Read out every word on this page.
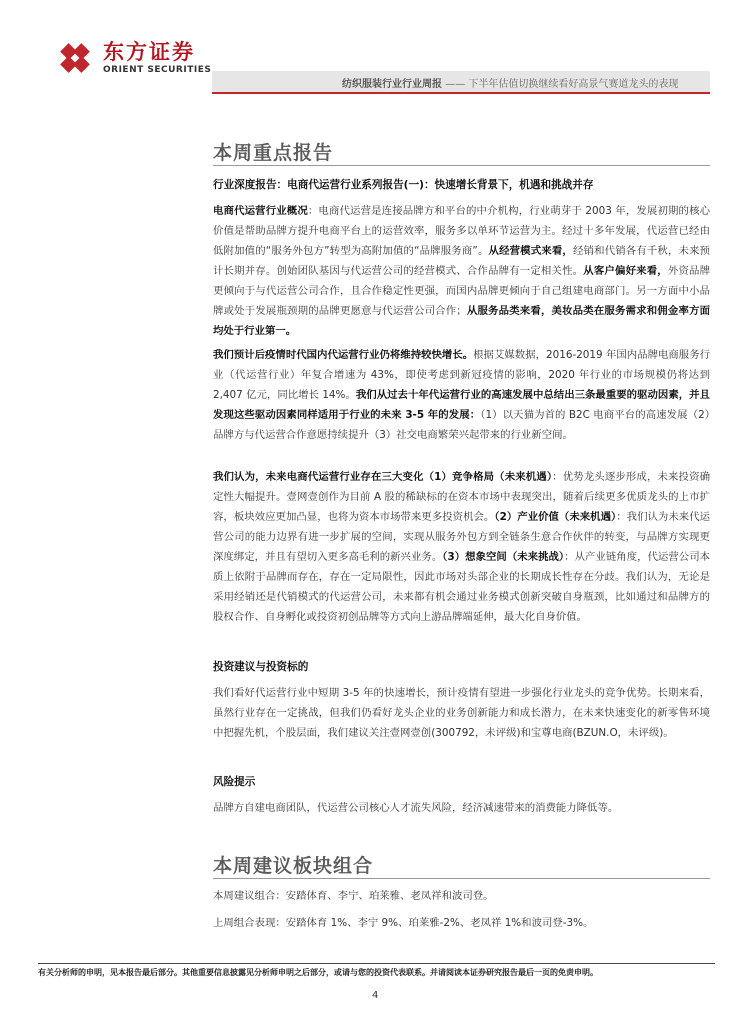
东方证券
ORIENT SECURITIES
纺织服装行业行业周报 —— 下半年估值切换继续看好高景气赛道龙头的表现
本周重点报告
行业深度报告：电商代运营行业系列报告(一)：快速增长背景下，机遇和挑战并存

电商代运营行业概况：电商代运营是连接品牌方和平台的中介机构，行业萌芽于 2003 年，发展初期的核心价值是帮助品牌方提升电商平台上的运营效率，服务多以单环节运营为主。经过十多年发展，代运营已经由低附加值的“服务外包方”转型为高附加值的“品牌服务商”。从经营模式来看，经销和代销各有千秋，未来预计长期并存。创始团队基因与代运营公司的经营模式、合作品牌有一定相关性。从客户偏好来看，外资品牌更倾向于与代运营公司合作，且合作稳定性更强，而国内品牌更倾向于自己组建电商部门。另一方面中小品牌或处于发展瓶颈期的品牌更愿意与代运营公司合作；从服务品类来看，美妆品类在服务需求和佣金率方面均处于行业第一。

我们预计后疫情时代国内代运营行业仍将维持较快增长。根据艾媒数据，2016-2019 年国内品牌电商服务行业（代运营行业）年复合增速为 43%，即使考虑到新冠疫情的影响，2020 年行业的市场规模仍将达到 2,407 亿元，同比增长 14%。我们从过去十年代运营行业的高速发展中总结出三条最重要的驱动因素，并且发现这些驱动因素同样适用于行业的未来 3-5 年的发展：（1）以天猫为首的 B2C 电商平台的高速发展（2）品牌方与代运营合作意愿持续提升（3）社交电商繁荣兴起带来的行业新空间。

我们认为，未来电商代运营行业存在三大变化（1）竞争格局（未来机遇）：优势龙头逐步形成，未来投资确定性大幅提升。壹网壹创作为目前 A 股的稀缺标的在资本市场中表现突出，随着后续更多优质龙头的上市扩容，板块效应更加凸显，也将为资本市场带来更多投资机会。（2）产业价值（未来机遇）：我们认为未来代运营公司的能力边界有进一步扩展的空间，实现从服务外包方到全链条生意合作伙伴的转变，与品牌方实现更深度绑定，并且有望切入更多高毛利的新兴业务。（3）想象空间（未来挑战）：从产业链角度，代运营公司本质上依附于品牌而存在，存在一定局限性，因此市场对头部企业的长期成长性存在分歧。我们认为，无论是采用经销还是代销模式的代运营公司，未来都有机会通过业务模式创新突破自身瓶颈，比如通过和品牌方的股权合作、自身孵化或投资初创品牌等方式向上游品牌端延伸，最大化自身价值。

投资建议与投资标的

我们看好代运营行业中短期 3-5 年的快速增长，预计疫情有望进一步强化行业龙头的竞争优势。长期来看，虽然行业存在一定挑战，但我们仍看好龙头企业的业务创新能力和成长潜力，在未来快速变化的新零售环境中把握先机，个股层面，我们建议关注壹网壹创(300792，未评级)和宝尊电商(BZUN.O，未评级)。

风险提示

品牌方自建电商团队，代运营公司核心人才流失风险，经济减速带来的消费能力降低等。

本周建议板块组合

本周建议组合：安踏体育、李宁、珀莱雅、老凤祥和波司登。

上周组合表现：安踏体育 1%、李宁 9%、珀莱雅-2%、老凤祥 1%和波司登-3%。

有关分析师的申明，见本报告最后部分。其他重要信息披露见分析师申明之后部分，或请与您的投资代表联系。并请阅读本证券研究报告最后一页的免责申明。
4
